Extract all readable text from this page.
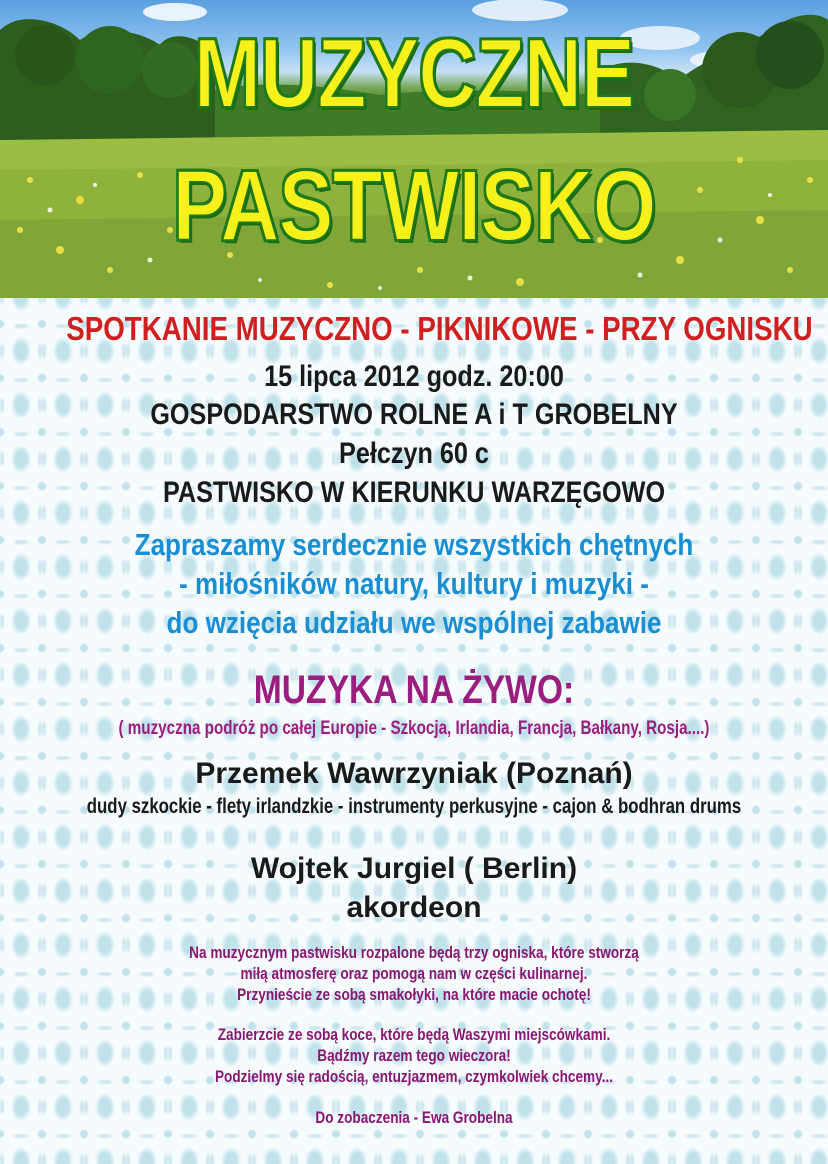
MUZYCZNE
PASTWISKO
SPOTKANIE MUZYCZNO - PIKNIKOWE - PRZY OGNISKU
15 lipca 2012 godz. 20:00
GOSPODARSTWO ROLNE A i T GROBELNY
Pełczyn 60 c
PASTWISKO W KIERUNKU WARZĘGOWO
Zapraszamy serdecznie wszystkich chętnych
- miłośników natury, kultury i muzyki -
do wzięcia udziału we wspólnej zabawie
MUZYKA NA ŻYWO:
( muzyczna podróż po całej Europie - Szkocja, Irlandia, Francja, Bałkany, Rosja....)
Przemek Wawrzyniak (Poznań)
dudy szkockie - flety irlandzkie - instrumenty perkusyjne - cajon & bodhran drums
Wojtek Jurgiel ( Berlin)
akordeon
Na muzycznym pastwisku rozpalone będą trzy ogniska, które stworzą
miłą atmosferę oraz pomogą nam w części kulinarnej.
Przynieście ze sobą smakołyki, na które macie ochotę!
Zabierzcie ze sobą koce, które będą Waszymi miejscówkami.
Bądźmy razem tego wieczora!
Podzielmy się radością, entuzjazmem, czymkolwiek chcemy...
Do zobaczenia - Ewa Grobelna
